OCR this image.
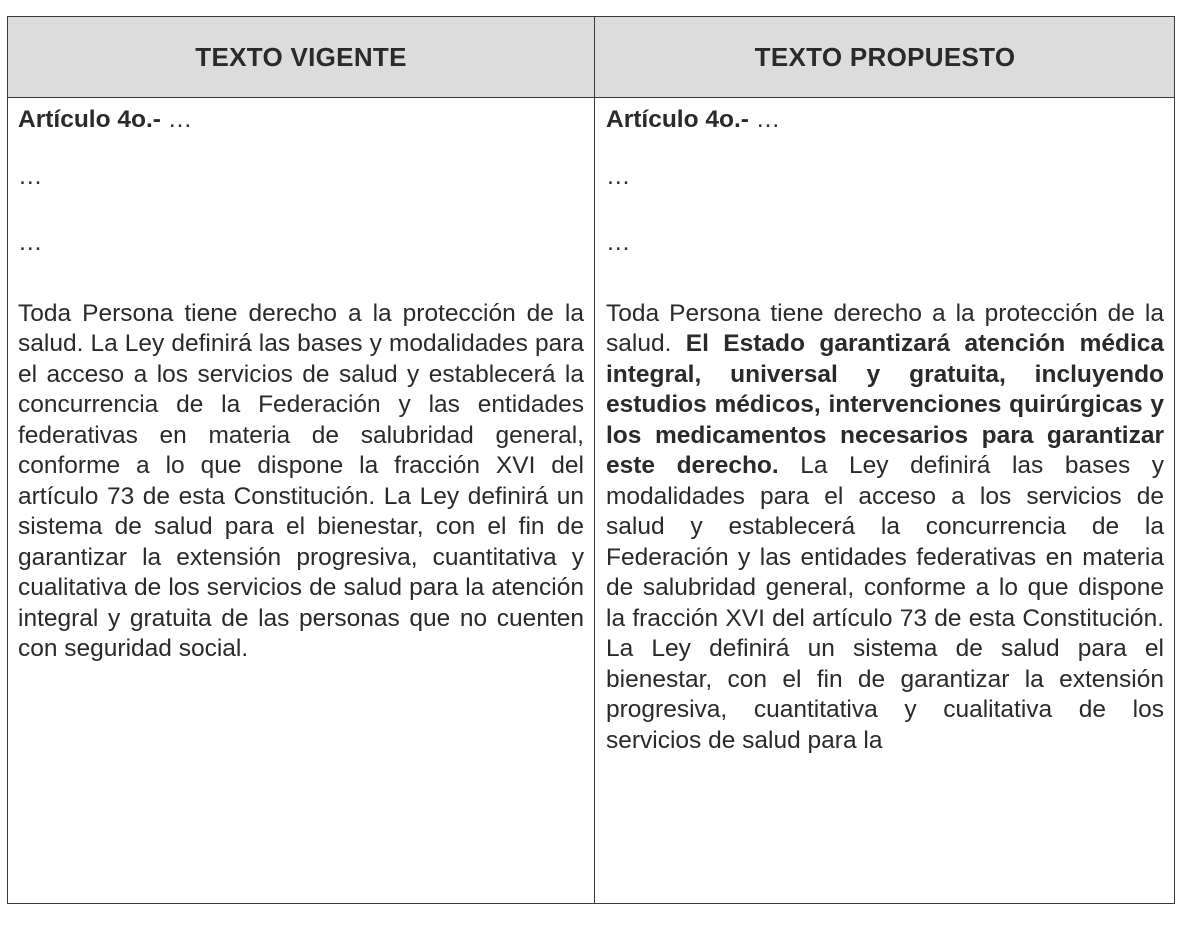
TEXTO VIGENTE	TEXTO PROPUESTO
Artículo 4o.- …
…
…
Toda Persona tiene derecho a la protección de la salud. La Ley definirá las bases y modalidades para el acceso a los servicios de salud y establecerá la concurrencia de la Federación y las entidades federativas en materia de salubridad general, conforme a lo que dispone la fracción XVI del artículo 73 de esta Constitución. La Ley definirá un sistema de salud para el bienestar, con el fin de garantizar la extensión progresiva, cuantitativa y cualitativa de los servicios de salud para la atención integral y gratuita de las personas que no cuenten con seguridad social.
Artículo 4o.- …
…
…
Toda Persona tiene derecho a la protección de la salud. El Estado garantizará atención médica integral, universal y gratuita, incluyendo estudios médicos, intervenciones quirúrgicas y los medicamentos necesarios para garantizar este derecho. La Ley definirá las bases y modalidades para el acceso a los servicios de salud y establecerá la concurrencia de la Federación y las entidades federativas en materia de salubridad general, conforme a lo que dispone la fracción XVI del artículo 73 de esta Constitución. La Ley definirá un sistema de salud para el bienestar, con el fin de garantizar la extensión progresiva, cuantitativa y cualitativa de los servicios de salud para la
